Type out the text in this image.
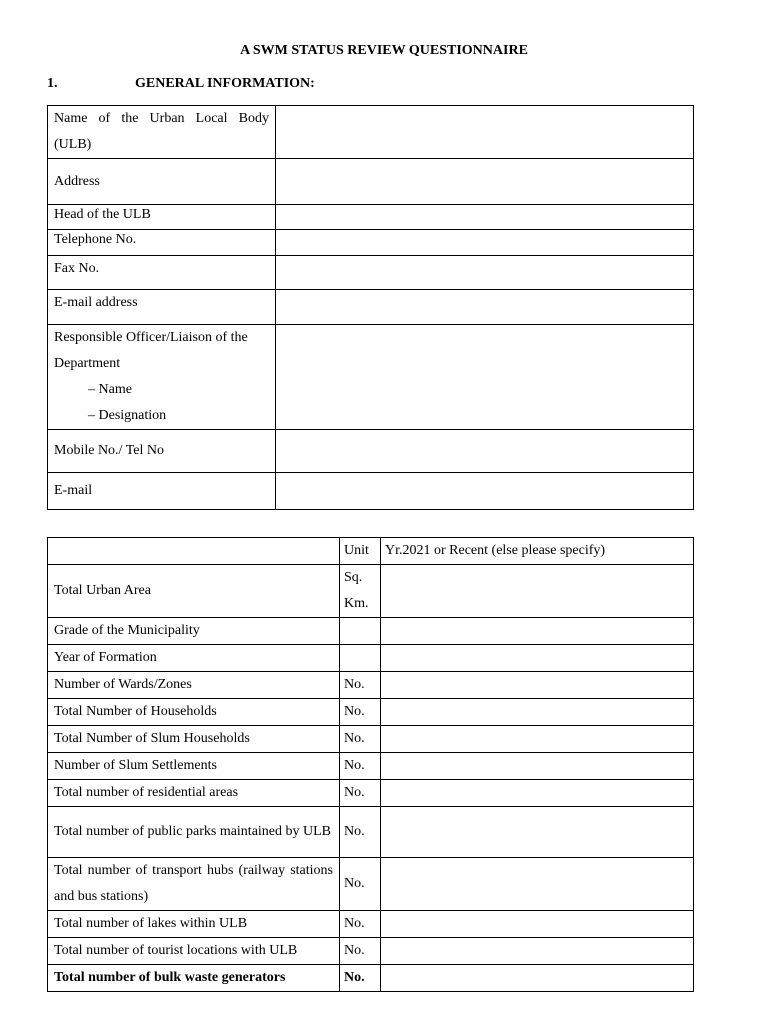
A SWM STATUS REVIEW QUESTIONNAIRE
1.	GENERAL INFORMATION:
Name of the Urban Local Body (ULB)	
Address	
Head of the ULB	
Telephone No.	
Fax No.	
E-mail address	
Responsible Officer/Liaison of the Department
– Name
– Designation	

Mobile No./ Tel No	
E-mail	
	Unit	Yr.2021 or Recent (else please specify)
Total Urban Area	Sq. Km.	
Grade of the Municipality		
Year of Formation		
Number of Wards/Zones	No.	
Total Number of Households	No.	
Total Number of Slum Households	No.	
Number of Slum Settlements	No.	
Total number of residential areas	No.	
Total number of public parks maintained by ULB	No.	
Total number of transport hubs (railway stations and bus stations)	No.	
Total number of lakes within ULB	No.	
Total number of tourist locations with ULB	No.	
Total number of bulk waste generators	No.	
